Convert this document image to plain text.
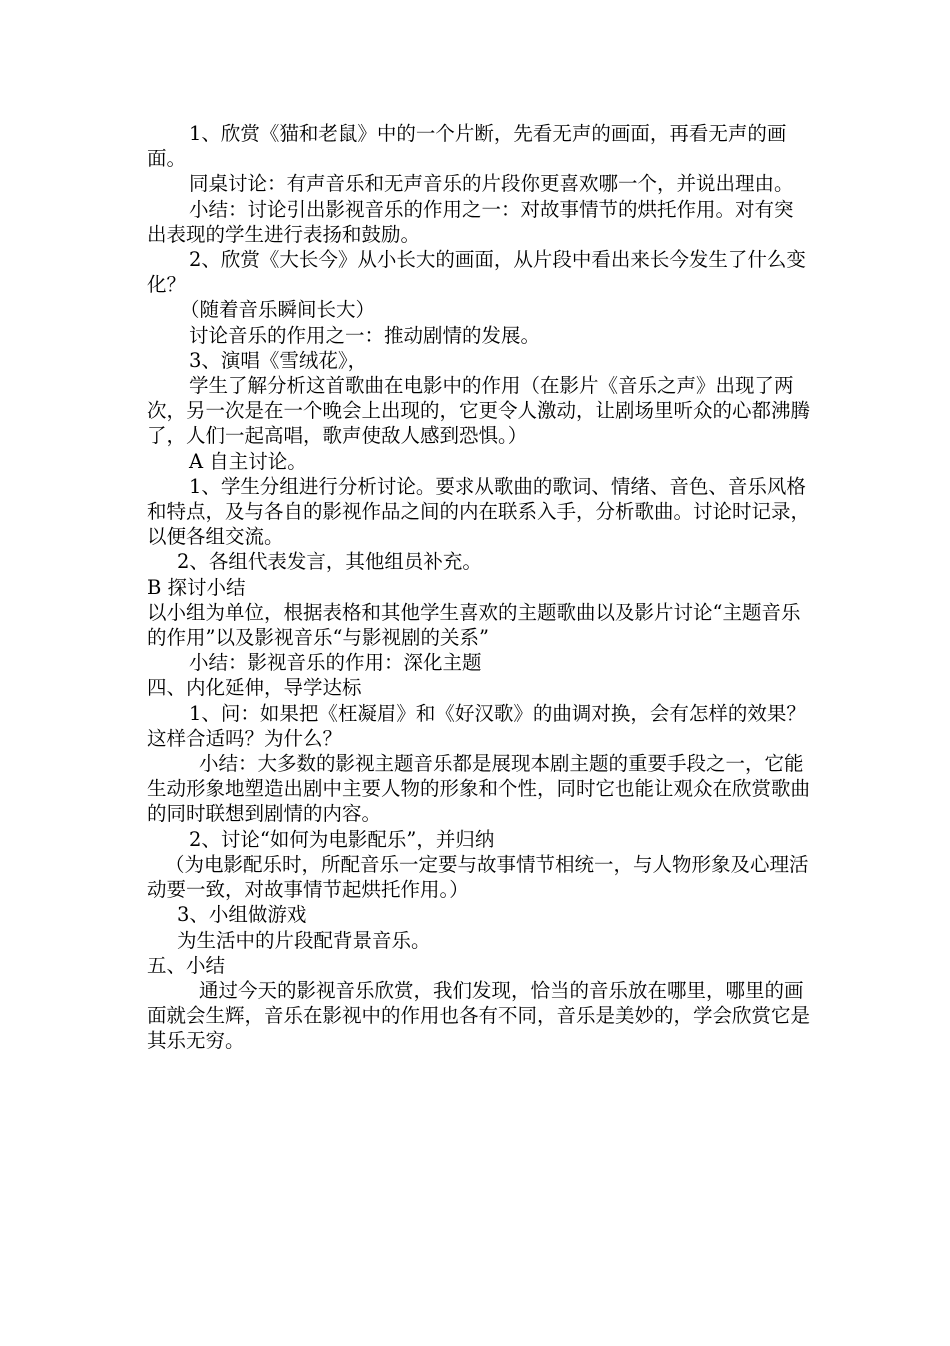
1、欣赏《猫和老鼠》中的一个片断，先看无声的画面，再看无声的画面。

同桌讨论：有声音乐和无声音乐的片段你更喜欢哪一个，并说出理由。

小结：讨论引出影视音乐的作用之一：对故事情节的烘托作用。对有突出表现的学生进行表扬和鼓励。

2、欣赏《大长今》从小长大的画面，从片段中看出来长今发生了什么变化？

（随着音乐瞬间长大）

讨论音乐的作用之一：推动剧情的发展。

3、演唱《雪绒花》，

学生了解分析这首歌曲在电影中的作用（在影片《音乐之声》出现了两次，另一次是在一个晚会上出现的，它更令人激动，让剧场里听众的心都沸腾了，人们一起高唱，歌声使敌人感到恐惧。）

A 自主讨论。

1、学生分组进行分析讨论。要求从歌曲的歌词、情绪、音色、音乐风格和特点，及与各自的影视作品之间的内在联系入手，分析歌曲。讨论时记录，以便各组交流。

2、各组代表发言，其他组员补充。

B 探讨小结

以小组为单位，根据表格和其他学生喜欢的主题歌曲以及影片讨论“主题音乐的作用”以及影视音乐“与影视剧的关系”

小结：影视音乐的作用：深化主题

四、内化延伸，导学达标

1、问：如果把《枉凝眉》和《好汉歌》的曲调对换，会有怎样的效果？这样合适吗？为什么？

小结：大多数的影视主题音乐都是展现本剧主题的重要手段之一，它能生动形象地塑造出剧中主要人物的形象和个性，同时它也能让观众在欣赏歌曲的同时联想到剧情的内容。

2、讨论“如何为电影配乐”，并归纳

（为电影配乐时，所配音乐一定要与故事情节相统一，与人物形象及心理活动要一致，对故事情节起烘托作用。）

3、小组做游戏

为生活中的片段配背景音乐。

五、小结

通过今天的影视音乐欣赏，我们发现，恰当的音乐放在哪里，哪里的画面就会生辉，音乐在影视中的作用也各有不同，音乐是美妙的，学会欣赏它是其乐无穷。
